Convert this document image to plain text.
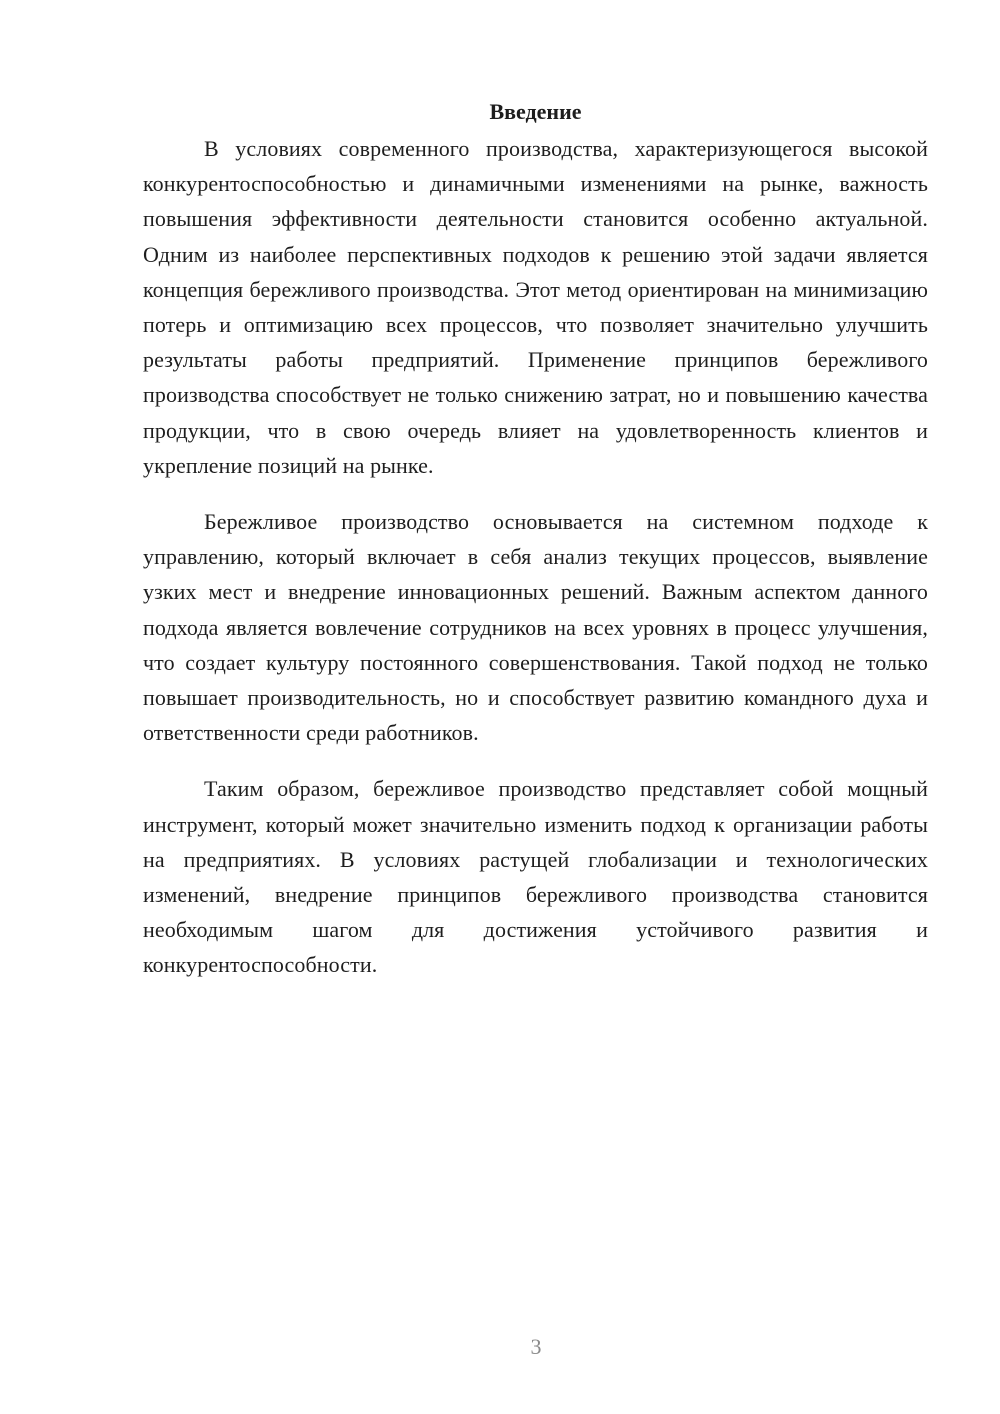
Введение

В условиях современного производства, характеризующегося высокой конкурентоспособностью и динамичными изменениями на рынке, важность повышения эффективности деятельности становится особенно актуальной. Одним из наиболее перспективных подходов к решению этой задачи является концепция бережливого производства. Этот метод ориентирован на минимизацию потерь и оптимизацию всех процессов, что позволяет значительно улучшить результаты работы предприятий. Применение принципов бережливого производства способствует не только снижению затрат, но и повышению качества продукции, что в свою очередь влияет на удовлетворенность клиентов и укрепление позиций на рынке.

Бережливое производство основывается на системном подходе к управлению, который включает в себя анализ текущих процессов, выявление узких мест и внедрение инновационных решений. Важным аспектом данного подхода является вовлечение сотрудников на всех уровнях в процесс улучшения, что создает культуру постоянного совершенствования. Такой подход не только повышает производительность, но и способствует развитию командного духа и ответственности среди работников.

Таким образом, бережливое производство представляет собой мощный инструмент, который может значительно изменить подход к организации работы на предприятиях. В условиях растущей глобализации и технологических изменений, внедрение принципов бережливого производства становится необходимым шагом для достижения устойчивого развития и конкурентоспособности.

3
